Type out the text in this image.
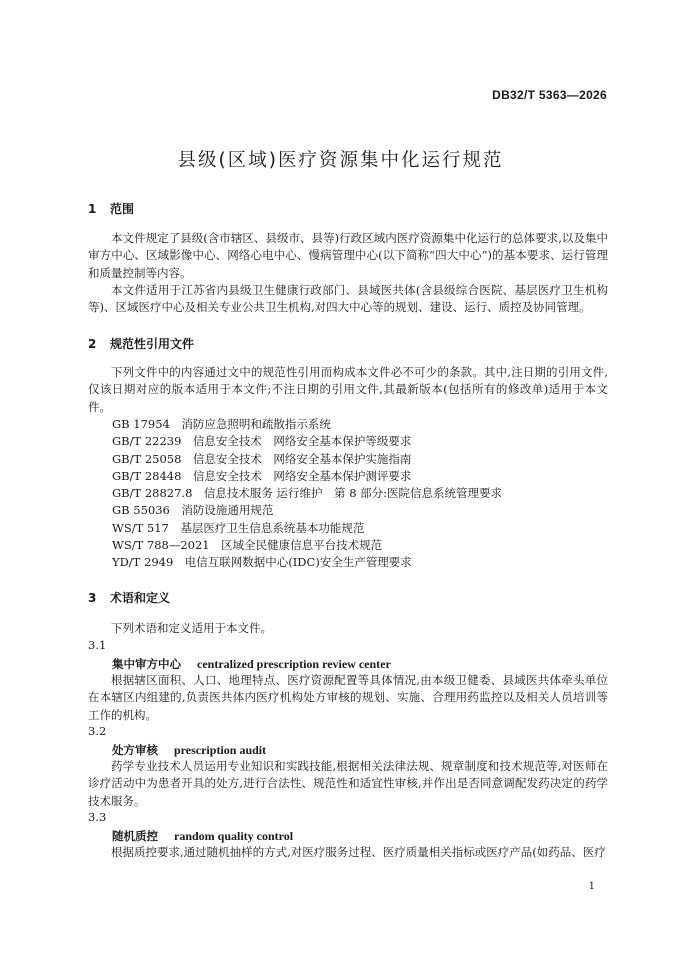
DB32/T 5363—2026
县级(区域)医疗资源集中化运行规范
1 范围
本文件规定了县级(含市辖区、县级市、县等)行政区域内医疗资源集中化运行的总体要求,以及集中审方中心、区域影像中心、网络心电中心、慢病管理中心(以下简称“四大中心”)的基本要求、运行管理和质量控制等内容。
本文件适用于江苏省内县级卫生健康行政部门、县域医共体(含县级综合医院、基层医疗卫生机构等)、区域医疗中心及相关专业公共卫生机构,对四大中心等的规划、建设、运行、质控及协同管理。
2 规范性引用文件
下列文件中的内容通过文中的规范性引用而构成本文件必不可少的条款。其中,注日期的引用文件,仅该日期对应的版本适用于本文件;不注日期的引用文件,其最新版本(包括所有的修改单)适用于本文件。
GB 17954　消防应急照明和疏散指示系统
GB/T 22239　信息安全技术　网络安全基本保护等级要求
GB/T 25058　信息安全技术　网络安全基本保护实施指南
GB/T 28448　信息安全技术　网络安全基本保护测评要求
GB/T 28827.8　信息技术服务 运行维护　第 8 部分:医院信息系统管理要求
GB 55036　消防设施通用规范
WS/T 517　基层医疗卫生信息系统基本功能规范
WS/T 788—2021　区域全民健康信息平台技术规范
YD/T 2949　电信互联网数据中心(IDC)安全生产管理要求
3 术语和定义
下列术语和定义适用于本文件。
3.1
集中审方中心 centralized prescription review center
根据辖区面积、人口、地理特点、医疗资源配置等具体情况,由本级卫健委、县域医共体牵头单位在本辖区内组建的,负责医共体内医疗机构处方审核的规划、实施、合理用药监控以及相关人员培训等工作的机构。
3.2
处方审核 prescription audit
药学专业技术人员运用专业知识和实践技能,根据相关法律法规、规章制度和技术规范等,对医师在诊疗活动中为患者开具的处方,进行合法性、规范性和适宜性审核,并作出是否同意调配发药决定的药学技术服务。
3.3
随机质控 random quality control
根据质控要求,通过随机抽样的方式,对医疗服务过程、医疗质量相关指标或医疗产品(如药品、医疗
1
